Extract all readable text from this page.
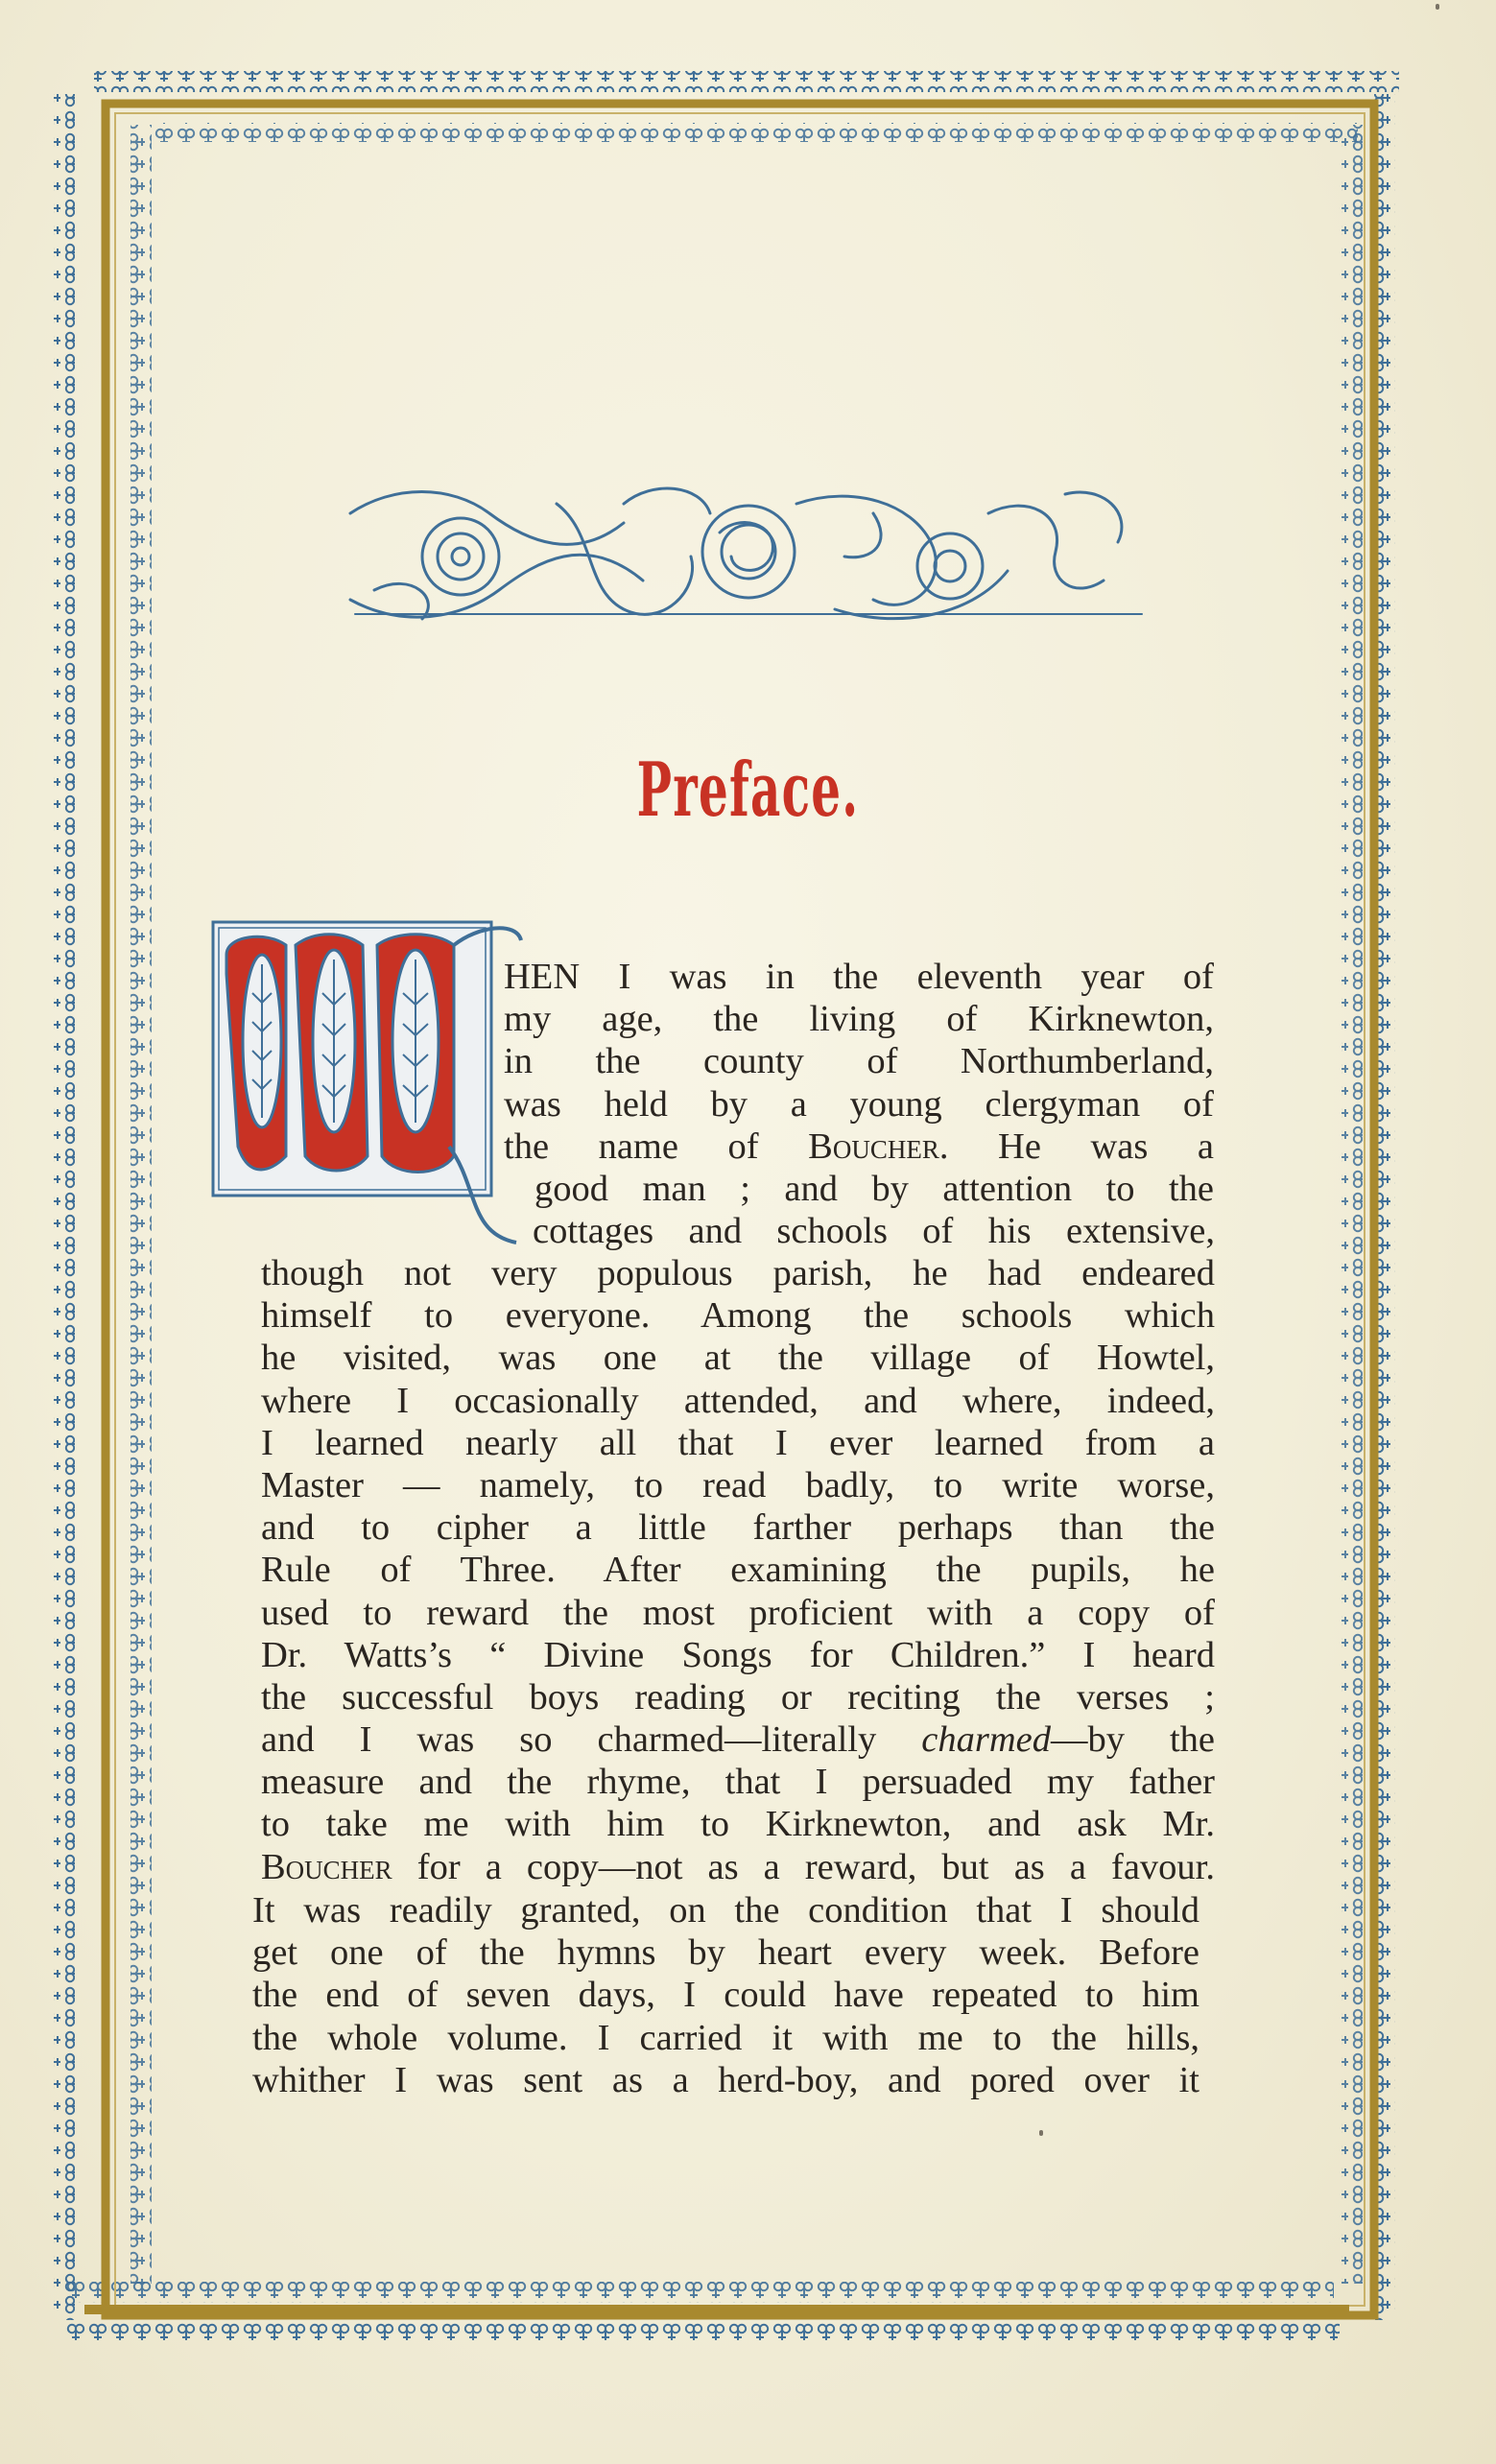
Preface.
HEN I was in the eleventh year of
my age, the living of Kirknewton,
in the county of Northumberland,
was held by a young clergyman of
the name of Boucher. He was a
good man ; and by attention to the
cottages and schools of his extensive,
though not very populous parish, he had endeared
himself to everyone. Among the schools which
he visited, was one at the village of Howtel,
where I occasionally attended, and where, indeed,
I learned nearly all that I ever learned from a
Master — namely, to read badly, to write worse,
and to cipher a little farther perhaps than the
Rule of Three. After examining the pupils, he
used to reward the most proficient with a copy of
Dr. Watts’s “ Divine Songs for Children.” I heard
the successful boys reading or reciting the verses ;
and I was so charmed—literally charmed—by the
measure and the rhyme, that I persuaded my father
to take me with him to Kirknewton, and ask Mr.
Boucher for a copy—not as a reward, but as a favour.
It was readily granted, on the condition that I should
get one of the hymns by heart every week. Before
the end of seven days, I could have repeated to him
the whole volume. I carried it with me to the hills,
whither I was sent as a herd-boy, and pored over it
